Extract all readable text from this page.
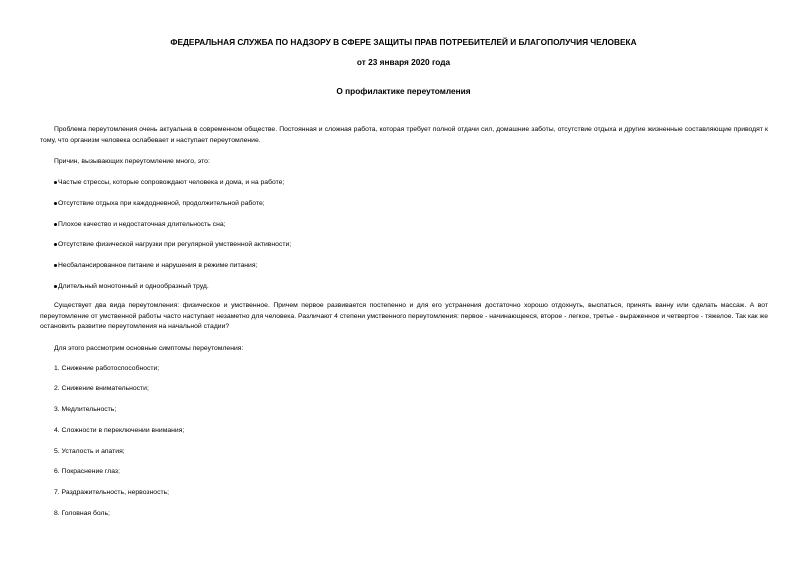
ФЕДЕРАЛЬНАЯ СЛУЖБА ПО НАДЗОРУ В СФЕРЕ ЗАЩИТЫ ПРАВ ПОТРЕБИТЕЛЕЙ И БЛАГОПОЛУЧИЯ ЧЕЛОВЕКА
от 23 января 2020 года
О профилактике переутомления
Проблема переутомления очень актуальна в современном обществе. Постоянная и сложная работа, которая требует полной отдачи сил, домашние заботы, отсутствие отдыха и другие жизненные составляющие приводят к тому, что организм человека ослабевает и наступает переутомление.
Причин, вызывающих переутомление много, это:
Частые стрессы, которые сопровождают человека и дома, и на работе;
Отсутствие отдыха при каждодневной, продолжительной работе;
Плохое качество и недостаточная длительность сна;
Отсутствие физической нагрузки при регулярной умственной активности;
Несбалансированное питание и нарушения в режиме питания;
Длительный монотонный и однообразный труд.
Существует два вида переутомления: физическое и умственное. Причем первое развивается постепенно и для его устранения достаточно хорошо отдохнуть, выспаться, принять ванну или сделать массаж. А вот переутомление от умственной работы часто наступает незаметно для человека. Различают 4 степени умственного переутомления: первое - начинающееся, второе - легкое, третье - выраженное и четвертое - тяжелое. Так как же остановить развитие переутомления на начальной стадии?
Для этого рассмотрим основные симптомы переутомления:
1. Снижение работоспособности;
2. Снижение внимательности;
3. Медлительность;
4. Сложности в переключении внимания;
5. Усталость и апатия;
6. Покраснение глаз;
7. Раздражительность, нервозность;
8. Головная боль;
